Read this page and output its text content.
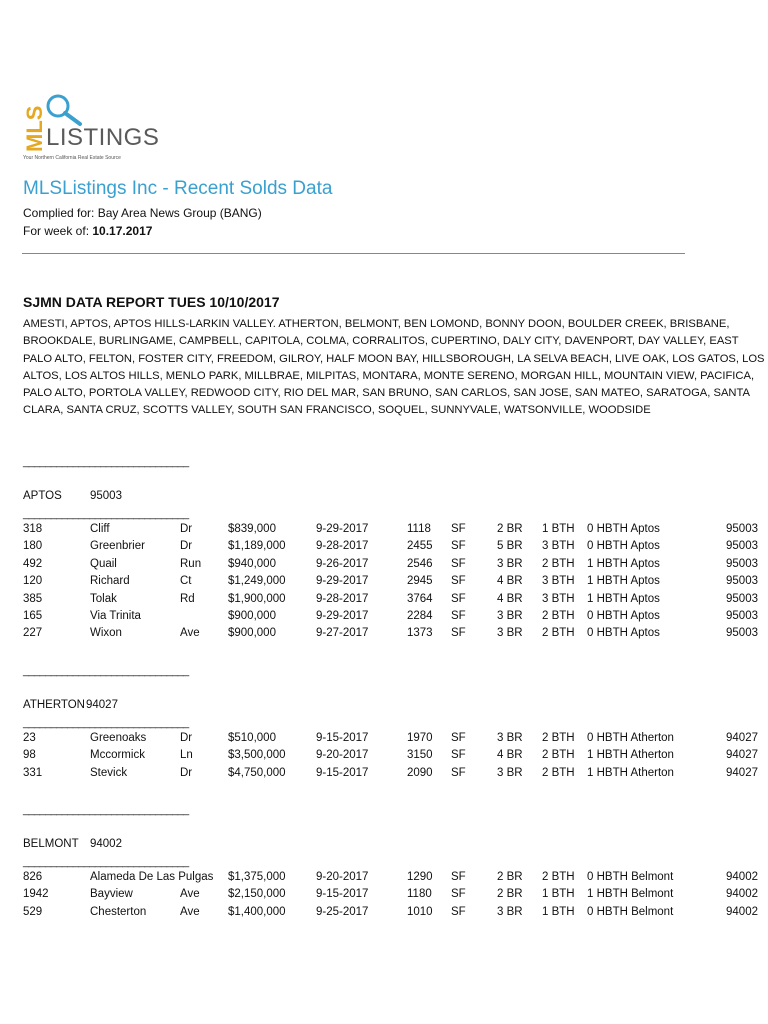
MLS LISTINGS
Your Northern California Real Estate Source
MLSListings Inc - Recent Solds Data
Complied for: Bay Area News Group (BANG)
For week of: 10.17.2017
SJMN DATA REPORT TUES 10/10/2017
AMESTI, APTOS, APTOS HILLS-LARKIN VALLEY. ATHERTON, BELMONT, BEN LOMOND, BONNY DOON, BOULDER CREEK, BRISBANE, BROOKDALE, BURLINGAME, CAMPBELL, CAPITOLA, COLMA, CORRALITOS, CUPERTINO, DALY CITY, DAVENPORT, DAY VALLEY, EAST PALO ALTO, FELTON, FOSTER CITY, FREEDOM, GILROY, HALF MOON BAY, HILLSBOROUGH, LA SELVA BEACH, LIVE OAK, LOS GATOS, LOS ALTOS, LOS ALTOS HILLS, MENLO PARK, MILLBRAE, MILPITAS, MONTARA, MONTE SERENO, MORGAN HILL, MOUNTAIN VIEW, PACIFICA, PALO ALTO, PORTOLA VALLEY, REDWOOD CITY, RIO DEL MAR, SAN BRUNO, SAN CARLOS, SAN JOSE, SAN MATEO, SARATOGA, SANTA CLARA, SANTA CRUZ, SCOTTS VALLEY, SOUTH SAN FRANCISCO, SOQUEL, SUNNYVALE, WATSONVILLE, WOODSIDE
______________________________
APTOS 95003
______________________________
318	Cliff	Dr	$839,000	9-29-2017	1118 SF	2 BR 1 BTH 0 HBTH Aptos	95003
180	Greenbrier	Dr	$1,189,000	9-28-2017	2455 SF	5 BR 3 BTH 0 HBTH Aptos	95003
492	Quail	Run $940,000	9-26-2017	2546 SF	3 BR 2 BTH 1 HBTH Aptos	95003
120	Richard	Ct	$1,249,000	9-29-2017	2945 SF	4 BR 3 BTH 1 HBTH Aptos	95003
385	Tolak	Rd	$1,900,000	9-28-2017	3764 SF	4 BR 3 BTH 1 HBTH Aptos	95003
165	Via Trinita	$900,000	9-29-2017	2284 SF	3 BR 2 BTH 0 HBTH Aptos	95003
227	Wixon	Ave $900,000	9-27-2017	1373 SF	3 BR 2 BTH 0 HBTH Aptos	95003
______________________________
ATHERTON 94027
______________________________
23	Greenoaks	Dr	$510,000	9-15-2017	1970 SF	3 BR 2 BTH 0 HBTH Atherton	94027
98	Mccormick	Ln	$3,500,000	9-20-2017	3150 SF	4 BR 2 BTH 1 HBTH Atherton	94027
331	Stevick	Dr	$4,750,000	9-15-2017	2090 SF	3 BR 2 BTH 1 HBTH Atherton	94027
______________________________
BELMONT 94002
______________________________
826	Alameda De Las Pulgas $1,375,000	9-20-2017	1290 SF	2 BR 2 BTH 0 HBTH Belmont	94002
1942	Bayview	Ave $2,150,000	9-15-2017	1180 SF	2 BR 1 BTH 1 HBTH Belmont	94002
529	Chesterton	Ave $1,400,000	9-25-2017	1010 SF	3 BR 1 BTH 0 HBTH Belmont	94002
